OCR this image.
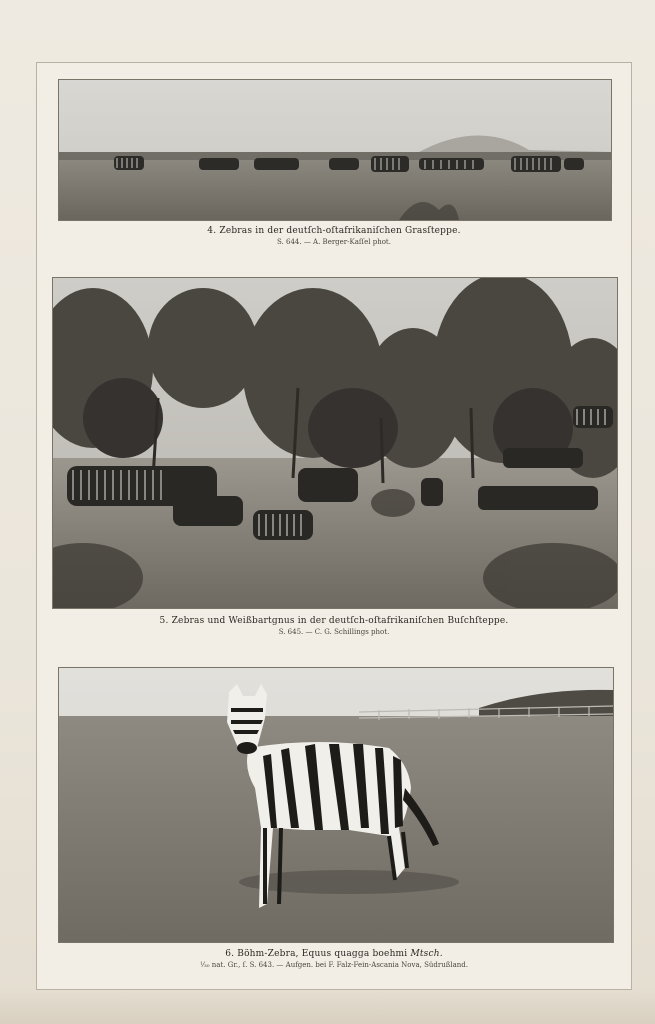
4. Zebras in der deutſch-oſtafrikaniſchen Grasſteppe.
S. 644. — A. Berger-Kaſſel phot.
5. Zebras und Weißbartgnus in der deutſch-oſtafrikaniſchen Buſchſteppe.
S. 645. — C. G. Schillings phot.
6. Böhm-Zebra, Equus quagga boehmi Mtsch.
¹⁄₃₀ nat. Gr., ſ. S. 643. — Aufgen. bei F. Falz-Fein-Ascania Nova, Südrußland.
